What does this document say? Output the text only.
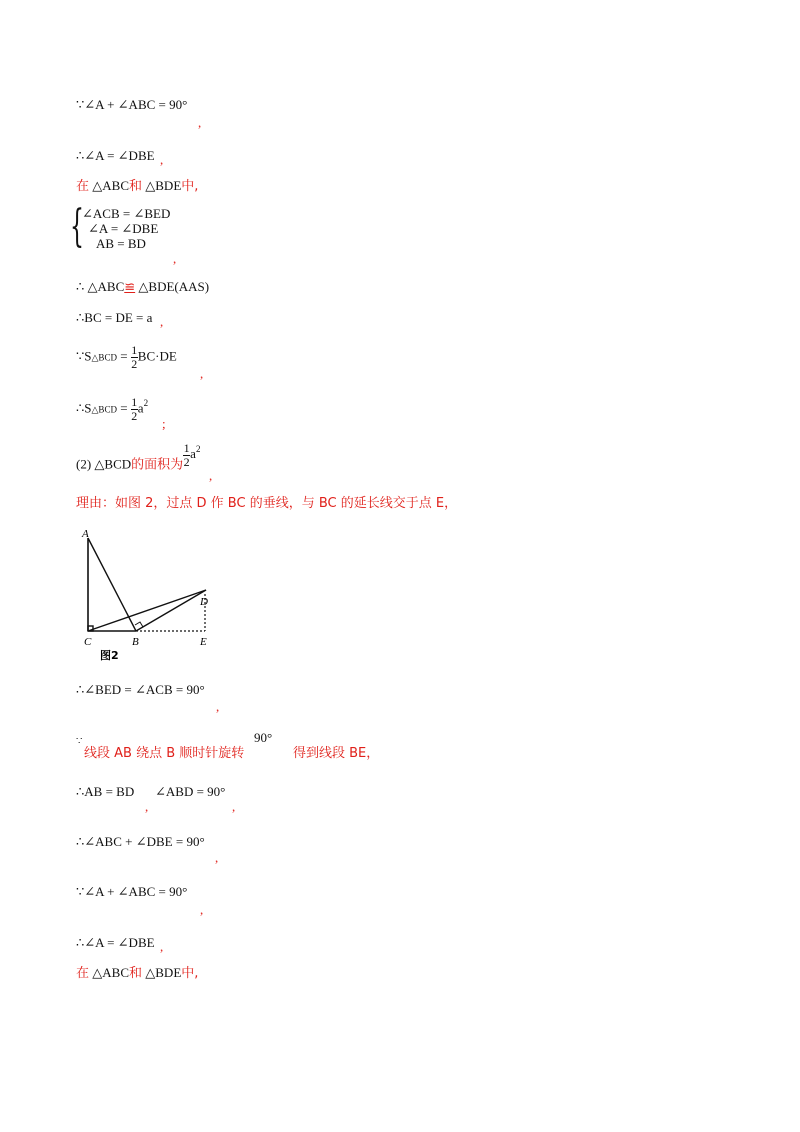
∵∠A + ∠ABC = 90°
,
∴∠A = ∠DBE ,
在 △ABC和 △BDE中,
{
∠ACB = ∠BED
∠A = ∠DBE
AB = BD
,
∴ △ABC≌ △BDE(AAS)
∴BC = DE = a ,
∵S△BCD = $\frac{1}{2} BC\cdot DE$
,
∴S△BCD = $\frac{1}{2} a^2$
;
(2) △BCD的面积为 $\frac{1}{2} a^2$
,
理由：如图 2，过点 D 作 BC 的垂线，与 BC 的延长线交于点 E，
A
C	B
D
E
图2
∴∠BED = ∠ACB = 90°
,
∵
线段 AB 绕点 B 顺时针旋转
90°
得到线段 BE，
∴AB = BD
,
∠ABD = 90°
,
∴∠ABC + ∠DBE = 90°
,
∵∠A + ∠ABC = 90°
,
∴∠A = ∠DBE ,
在 △ABC和 △BDE中,
